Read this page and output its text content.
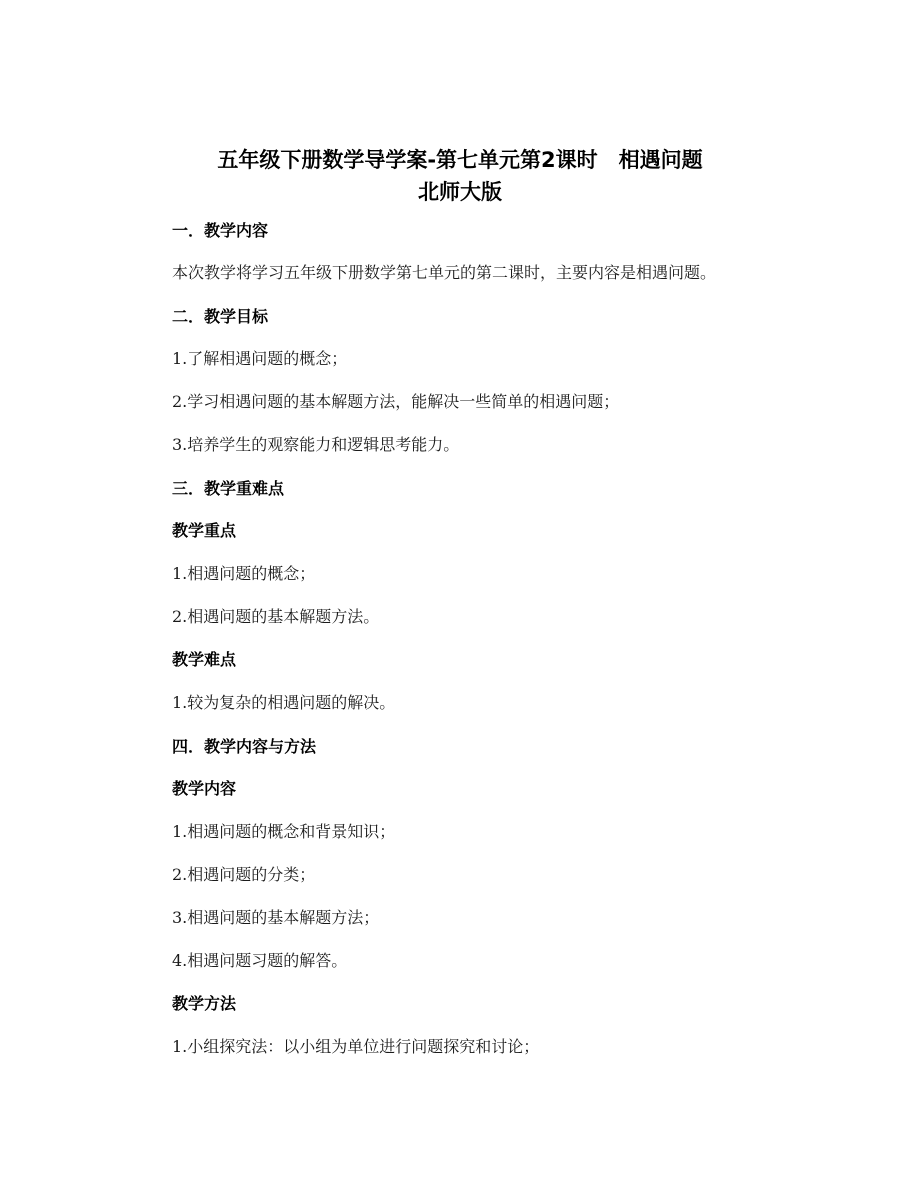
五年级下册数学导学案-第七单元第2课时　相遇问题
北师大版
一．教学内容
本次教学将学习五年级下册数学第七单元的第二课时，主要内容是相遇问题。
二．教学目标
1.了解相遇问题的概念；
2.学习相遇问题的基本解题方法，能解决一些简单的相遇问题；
3.培养学生的观察能力和逻辑思考能力。
三．教学重难点
教学重点
1.相遇问题的概念；
2.相遇问题的基本解题方法。
教学难点
1.较为复杂的相遇问题的解决。
四．教学内容与方法
教学内容
1.相遇问题的概念和背景知识；
2.相遇问题的分类；
3.相遇问题的基本解题方法；
4.相遇问题习题的解答。
教学方法
1.小组探究法：以小组为单位进行问题探究和讨论；
